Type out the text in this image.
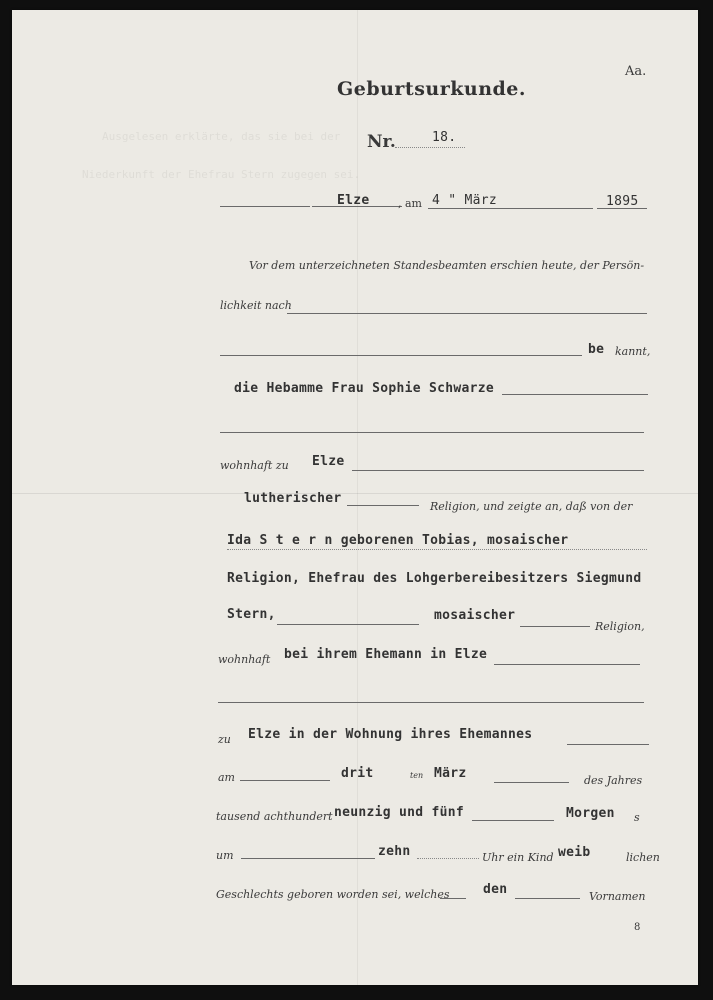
Ausgelesen erklärte, das sie bei der
Niederkunft der Ehefrau Stern zugegen sei.
Aa.
Geburtsurkunde.
Nr.	18.
Elze	, am 4 " März	1895
Vor dem unterzeichneten Standesbeamten erschien heute, der Persön-
lichkeit nach
be kannt,
die Hebamme Frau Sophie Schwarze
wohnhaft zu Elze
lutherischer
Religion, und zeigte an, daß von der
Ida S t e r n geborenen Tobias, mosaischer
Religion, Ehefrau des Lohgerbereibesitzers Siegmund
Stern,	mosaischer
Religion,
wohnhaft bei ihrem Ehemann in Elze
zu Elze in der Wohnung ihres Ehemannes
am	drit	ten März	des Jahres
tausend achthundert neunzig und fünf	Morgen s
um	zehn	Uhr ein Kind weib	lichen
Geschlechts geboren worden sei, welches	den	Vornamen
8
